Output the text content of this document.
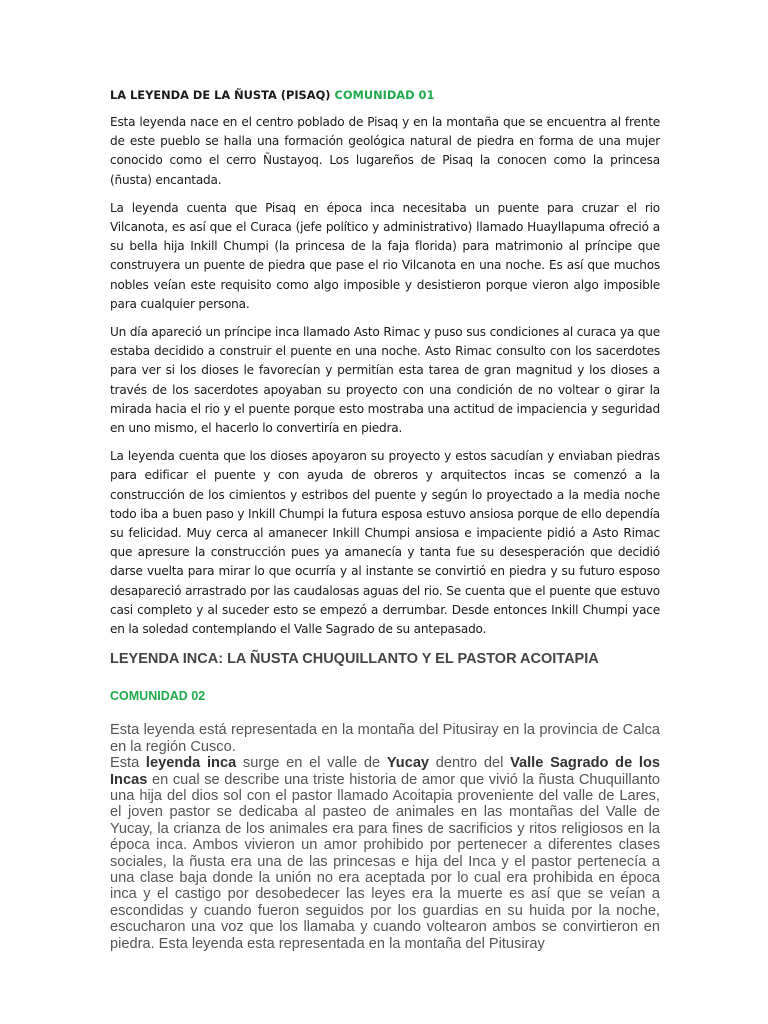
LA LEYENDA DE LA ÑUSTA (PISAQ) COMUNIDAD 01

Esta leyenda nace en el centro poblado de Pisaq y en la montaña que se encuentra al frente de este pueblo se halla una formación geológica natural de piedra en forma de una mujer conocido como el cerro Ñustayoq. Los lugareños de Pisaq la conocen como la princesa (ñusta) encantada.

La leyenda cuenta que Pisaq en época inca necesitaba un puente para cruzar el rio Vilcanota, es así que el Curaca (jefe político y administrativo) llamado Huayllapuma ofreció a su bella hija Inkill Chumpi (la princesa de la faja florida) para matrimonio al príncipe que construyera un puente de piedra que pase el rio Vilcanota en una noche. Es así que muchos nobles veían este requisito como algo imposible y desistieron porque vieron algo imposible para cualquier persona.

Un día apareció un príncipe inca llamado Asto Rimac y puso sus condiciones al curaca ya que estaba decidido a construir el puente en una noche. Asto Rimac consulto con los sacerdotes para ver si los dioses le favorecían y permitían esta tarea de gran magnitud y los dioses a través de los sacerdotes apoyaban su proyecto con una condición de no voltear o girar la mirada hacia el rio y el puente porque esto mostraba una actitud de impaciencia y seguridad en uno mismo, el hacerlo lo convertiría en piedra.

La leyenda cuenta que los dioses apoyaron su proyecto y estos sacudían y enviaban piedras para edificar el puente y con ayuda de obreros y arquitectos incas se comenzó a la construcción de los cimientos y estribos del puente y según lo proyectado a la media noche todo iba a buen paso y Inkill Chumpi la futura esposa estuvo ansiosa porque de ello dependía su felicidad. Muy cerca al amanecer Inkill Chumpi ansiosa e impaciente pidió a Asto Rimac que apresure la construcción pues ya amanecía y tanta fue su desesperación que decidió darse vuelta para mirar lo que ocurría y al instante se convirtió en piedra y su futuro esposo desapareció arrastrado por las caudalosas aguas del rio. Se cuenta que el puente que estuvo casi completo y al suceder esto se empezó a derrumbar. Desde entonces Inkill Chumpi yace en la soledad contemplando el Valle Sagrado de su antepasado.

LEYENDA INCA: LA ÑUSTA CHUQUILLANTO Y EL PASTOR ACOITAPIA
COMUNIDAD 02

Esta leyenda está representada en la montaña del Pitusiray en la provincia de Calca en la región Cusco.

Esta leyenda inca surge en el valle de Yucay dentro del Valle Sagrado de los Incas en cual se describe una triste historia de amor que vivió la ñusta Chuquillanto una hija del dios sol con el pastor llamado Acoitapia proveniente del valle de Lares, el joven pastor se dedicaba al pasteo de animales en las montañas del Valle de Yucay, la crianza de los animales era para fines de sacrificios y ritos religiosos en la época inca. Ambos vivieron un amor prohibido por pertenecer a diferentes clases sociales, la ñusta era una de las princesas e hija del Inca y el pastor pertenecía a una clase baja donde la unión no era aceptada por lo cual era prohibida en época inca y el castigo por desobedecer las leyes era la muerte es así que se veían a escondidas y cuando fueron seguidos por los guardias en su huida por la noche, escucharon una voz que los llamaba y cuando voltearon ambos se convirtieron en piedra. Esta leyenda esta representada en la montaña del Pitusiray
